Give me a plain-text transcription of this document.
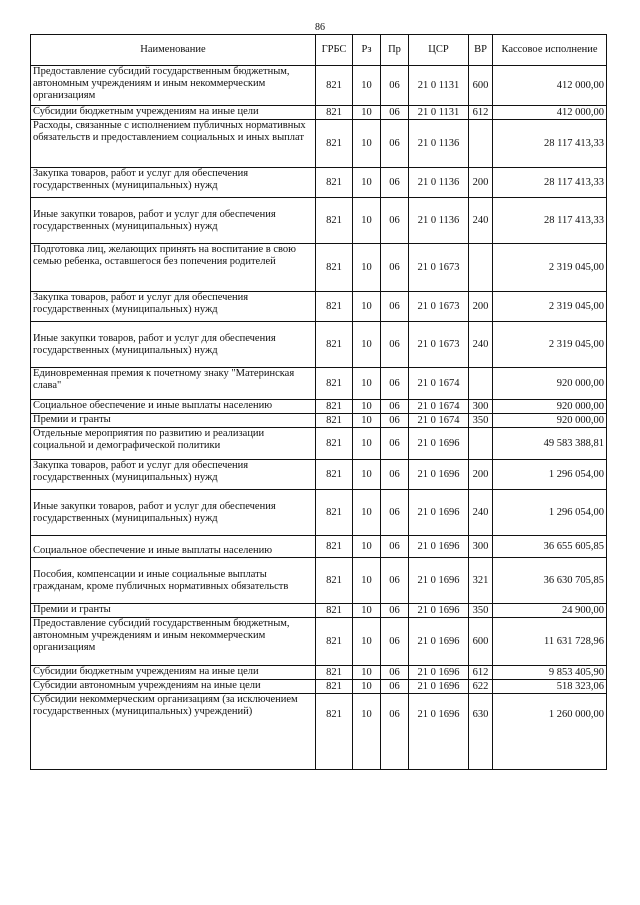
86
Наименование	ГРБС	Рз	Пр	ЦСР	ВР	Кассовое исполнение
Предоставление субсидий государственным бюджетным, автономным учреждениям и иным некоммерческим организациям	821	10	06	21 0 1131	600	412 000,00
Субсидии бюджетным учреждениям на иные цели	821	10	06	21 0 1131	612	412 000,00
Расходы, связанные с исполнением публичных нормативных обязательств и предоставлением социальных и иных выплат	821	10	06	21 0 1136		28 117 413,33
Закупка товаров, работ и услуг для обеспечения государственных (муниципальных) нужд	821	10	06	21 0 1136	200	28 117 413,33
Иные закупки товаров, работ и услуг для обеспечения государственных (муниципальных) нужд	821	10	06	21 0 1136	240	28 117 413,33
Подготовка лиц, желающих принять на воспитание в свою семью ребенка, оставшегося без попечения родителей	821	10	06	21 0 1673		2 319 045,00
Закупка товаров, работ и услуг для обеспечения государственных (муниципальных) нужд	821	10	06	21 0 1673	200	2 319 045,00
Иные закупки товаров, работ и услуг для обеспечения государственных (муниципальных) нужд	821	10	06	21 0 1673	240	2 319 045,00
Единовременная премия к почетному знаку "Материнская слава"	821	10	06	21 0 1674		920 000,00
Социальное обеспечение и иные выплаты населению	821	10	06	21 0 1674	300	920 000,00
Премии и гранты	821	10	06	21 0 1674	350	920 000,00
Отдельные мероприятия по развитию и реализации социальной и демографической политики	821	10	06	21 0 1696		49 583 388,81
Закупка товаров, работ и услуг для обеспечения государственных (муниципальных) нужд	821	10	06	21 0 1696	200	1 296 054,00
Иные закупки товаров, работ и услуг для обеспечения государственных (муниципальных) нужд	821	10	06	21 0 1696	240	1 296 054,00
Социальное обеспечение и иные выплаты населению	821	10	06	21 0 1696	300	36 655 605,85
Пособия, компенсации и иные социальные выплаты гражданам, кроме публичных нормативных обязательств	821	10	06	21 0 1696	321	36 630 705,85
Премии и гранты	821	10	06	21 0 1696	350	24 900,00
Предоставление субсидий государственным бюджетным, автономным учреждениям и иным некоммерческим организациям	821	10	06	21 0 1696	600	11 631 728,96
Субсидии бюджетным учреждениям на иные цели	821	10	06	21 0 1696	612	9 853 405,90
Субсидии автономным учреждениям на иные цели	821	10	06	21 0 1696	622	518 323,06
Субсидии некоммерческим организациям (за исключением государственных (муниципальных) учреждений)	821	10	06	21 0 1696	630	1 260 000,00
